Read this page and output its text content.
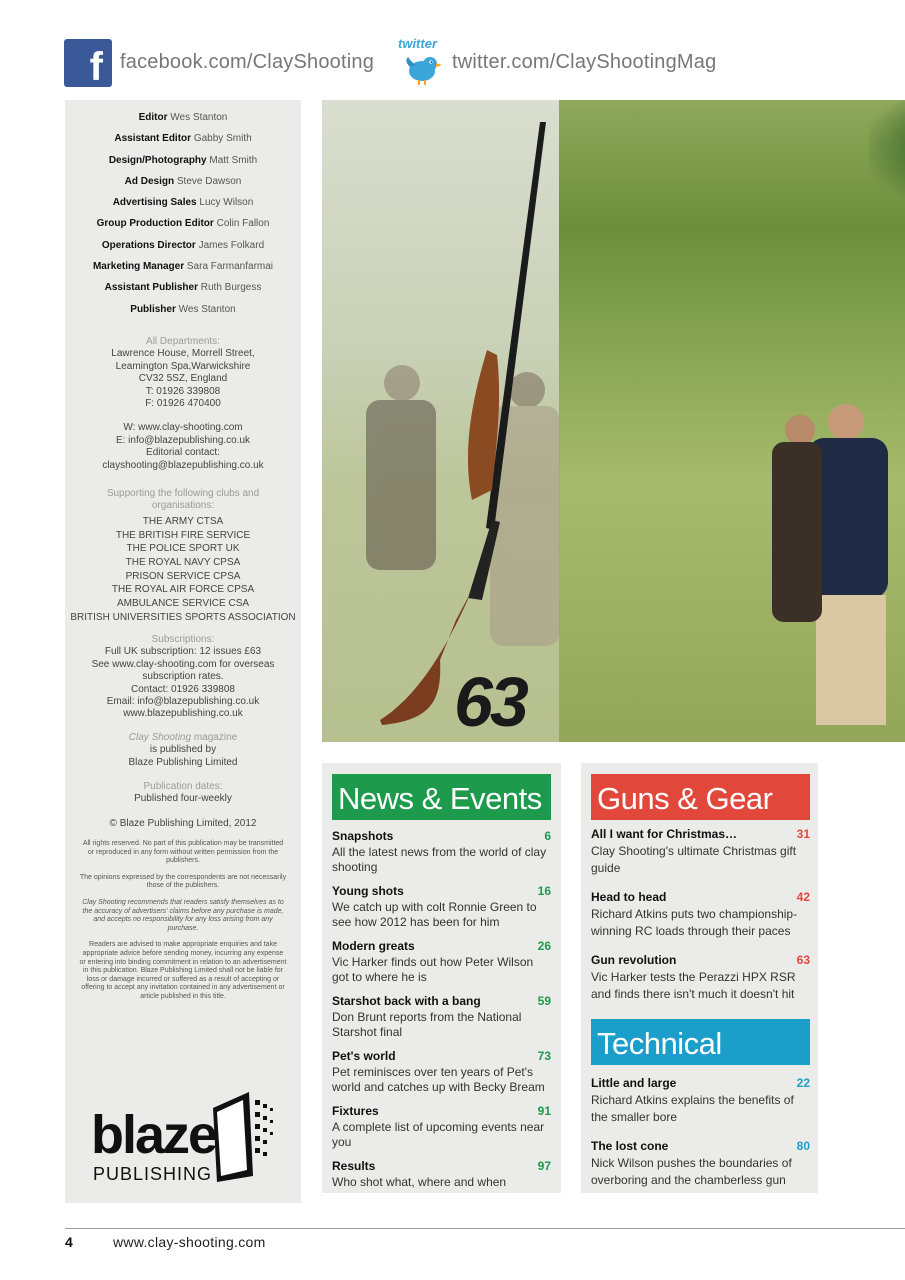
f facebook.com/ClayShooting
twitter
twitter.com/ClayShootingMag
Editor Wes Stanton
Assistant Editor Gabby Smith
Design/Photography Matt Smith
Ad Design Steve Dawson
Advertising Sales Lucy Wilson
Group Production Editor Colin Fallon
Operations Director James Folkard
Marketing Manager Sara Farmanfarmai
Assistant Publisher Ruth Burgess
Publisher Wes Stanton
All Departments:
Lawrence House, Morrell Street,
Leamington Spa,Warwickshire
CV32 5SZ, England
T: 01926 339808
F: 01926 470400
W: www.clay-shooting.com
E: info@blazepublishing.co.uk
Editorial contact:
clayshooting@blazepublishing.co.uk
Supporting the following clubs and organisations:
THE ARMY CTSA
THE BRITISH FIRE SERVICE
THE POLICE SPORT UK
THE ROYAL NAVY CPSA
PRISON SERVICE CPSA
THE ROYAL AIR FORCE CPSA
AMBULANCE SERVICE CSA
BRITISH UNIVERSITIES SPORTS ASSOCIATION
Subscriptions:
Full UK subscription: 12 issues £63
See www.clay-shooting.com for overseas
subscription rates.
Contact: 01926 339808
Email: info@blazepublishing.co.uk
www.blazepublishing.co.uk
Clay Shooting magazine
is published by
Blaze Publishing Limited
Publication dates:
Published four-weekly
© Blaze Publishing Limited, 2012

All rights reserved. No part of this publication may be transmitted or reproduced in any form without written permission from the publishers.

The opinions expressed by the correspondents are not necessarily those of the publishers.

Clay Shooting recommends that readers satisfy themselves as to the accuracy of advertisers' claims before any purchase is made, and accepts no responsibility for any loss arising from any purchase.

Readers are advised to make appropriate enquiries and take appropriate advice before sending money, incurring any expense or entering into binding commitment in relation to an advertisement in this publication. Blaze Publishing Limited shall not be liable for loss or damage incurred or suffered as a result of accepting or offering to accept any invitation contained in any advertisement or article published in this title.

blaze
PUBLISHING
63
News & Events
Snapshots	6
All the latest news from the world of clay shooting
Young shots	16
We catch up with colt Ronnie Green to see how 2012 has been for him
Modern greats	26
Vic Harker finds out how Peter Wilson got to where he is
Starshot back with a bang	59
Don Brunt reports from the National Starshot final
Pet's world	73
Pet reminisces over ten years of Pet's world and catches up with Becky Bream
Fixtures	91
A complete list of upcoming events near you
Results	97
Who shot what, where and when
Guns & Gear
All I want for Christmas…	31
Clay Shooting's ultimate Christmas gift guide
Head to head	42
Richard Atkins puts two championship-winning RC loads through their paces
Gun revolution	63
Vic Harker tests the Perazzi HPX RSR and finds there isn't much it doesn't hit
Technical
Little and large	22
Richard Atkins explains the benefits of the smaller bore
The lost cone	80
Nick Wilson pushes the boundaries of overboring and the chamberless gun
4	www.clay-shooting.com
